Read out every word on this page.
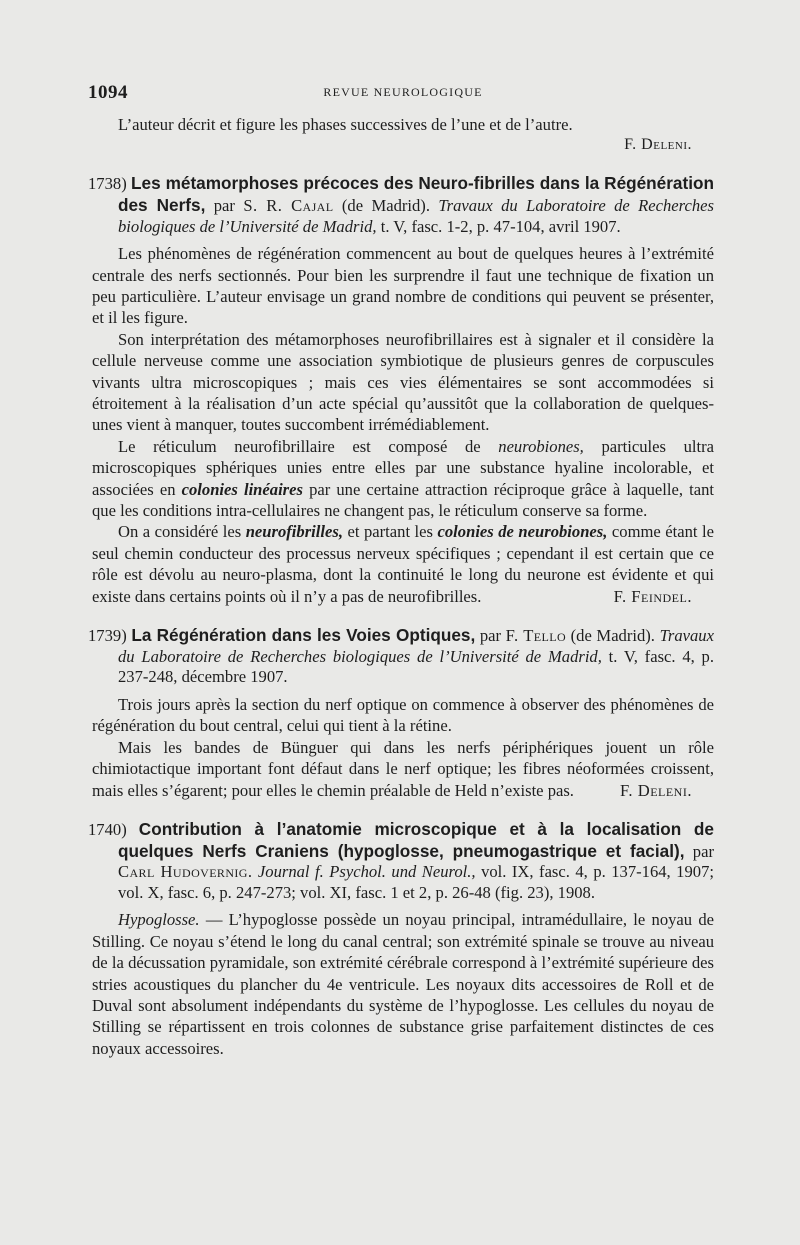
1094	REVUE NEUROLOGIQUE

L’auteur décrit et figure les phases successives de l’une et de l’autre.

F. Deleni.
1738) Les métamorphoses précoces des Neuro-fibrilles dans la Régénération des Nerfs, par S. R. Cajal (de Madrid). Travaux du Laboratoire de Recherches biologiques de l’Université de Madrid, t. V, fasc. 1-2, p. 47-104, avril 1907.

Les phénomènes de régénération commencent au bout de quelques heures à l’extrémité centrale des nerfs sectionnés. Pour bien les surprendre il faut une technique de fixation un peu particulière. L’auteur envisage un grand nombre de conditions qui peuvent se présenter, et il les figure.

Son interprétation des métamorphoses neurofibrillaires est à signaler et il considère la cellule nerveuse comme une association symbiotique de plusieurs genres de corpuscules vivants ultra microscopiques ; mais ces vies élémentaires se sont accommodées si étroitement à la réalisation d’un acte spécial qu’aussitôt que la collaboration de quelques-unes vient à manquer, toutes succombent irrémédiablement.

Le réticulum neurofibrillaire est composé de neurobiones, particules ultra microscopiques sphériques unies entre elles par une substance hyaline incolorable, et associées en colonies linéaires par une certaine attraction réciproque grâce à laquelle, tant que les conditions intra-cellulaires ne changent pas, le réticulum conserve sa forme.

On a considéré les neurofibrilles, et partant les colonies de neurobiones, comme étant le seul chemin conducteur des processus nerveux spécifiques ; cependant il est certain que ce rôle est dévolu au neuro-plasma, dont la continuité le long du neurone est évidente et qui existe dans certains points où il n’y a pas de neurofibrilles.	F. Feindel.

1739) La Régénération dans les Voies Optiques, par F. Tello (de Madrid). Travaux du Laboratoire de Recherches biologiques de l’Université de Madrid, t. V, fasc. 4, p. 237-248, décembre 1907.

Trois jours après la section du nerf optique on commence à observer des phénomènes de régénération du bout central, celui qui tient à la rétine.

Mais les bandes de Bünguer qui dans les nerfs périphériques jouent un rôle chimiotactique important font défaut dans le nerf optique; les fibres néoformées croissent, mais elles s’égarent; pour elles le chemin préalable de Held n’existe pas.	F. Deleni.

1740) Contribution à l’anatomie microscopique et à la localisation de quelques Nerfs Craniens (hypoglosse, pneumogastrique et facial), par Carl Hudovernig. Journal f. Psychol. und Neurol., vol. IX, fasc. 4, p. 137-164, 1907; vol. X, fasc. 6, p. 247-273; vol. XI, fasc. 1 et 2, p. 26-48 (fig. 23), 1908.

Hypoglosse. — L’hypoglosse possède un noyau principal, intramédullaire, le noyau de Stilling. Ce noyau s’étend le long du canal central; son extrémité spinale se trouve au niveau de la décussation pyramidale, son extrémité cérébrale correspond à l’extrémité supérieure des stries acoustiques du plancher du 4e ventricule. Les noyaux dits accessoires de Roll et de Duval sont absolument indépendants du système de l’hypoglosse. Les cellules du noyau de Stilling se répartissent en trois colonnes de substance grise parfaitement distinctes de ces noyaux accessoires.
